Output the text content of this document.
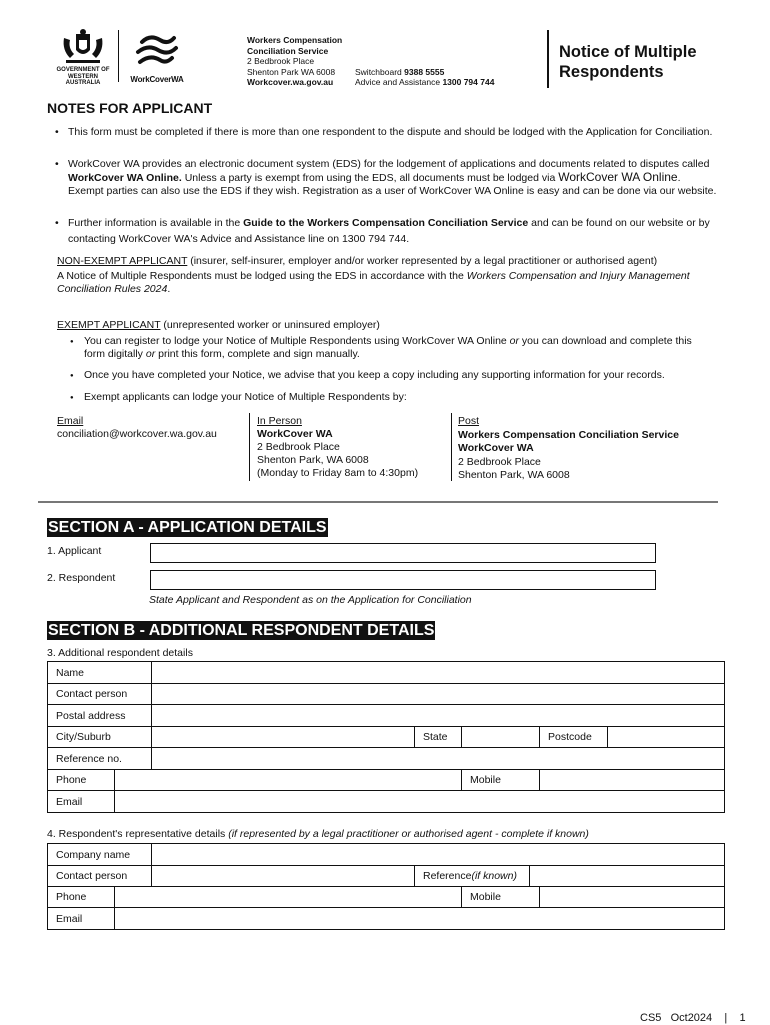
GOVERNMENT OF WESTERN AUSTRALIA	WorkCoverWA
Workers Compensation
Conciliation Service
2 Bedbrook Place
Shenton Park WA 6008 Switchboard 9388 5555
Workcover.wa.gov.au	Advice and Assistance 1300 794 744
Notice of Multiple
Respondents
NOTES FOR APPLICANT
• This form must be completed if there is more than one respondent to the dispute and should be lodged with the Application for Conciliation.
• WorkCover WA provides an electronic document system (EDS) for the lodgement of applications and documents related to disputes called WorkCover WA Online. Unless a party is exempt from using the EDS, all documents must be lodged via WorkCover WA Online. Exempt parties can also use the EDS if they wish. Registration as a user of WorkCover WA Online is easy and can be done via our website.
• Further information is available in the Guide to the Workers Compensation Conciliation Service and can be found on our website or by contacting WorkCover WA's Advice and Assistance line on 1300 794 744.
NON-EXEMPT APPLICANT (insurer, self-insurer, employer and/or worker represented by a legal practitioner or authorised agent)
A Notice of Multiple Respondents must be lodged using the EDS in accordance with the Workers Compensation and Injury Management Conciliation Rules 2024.
EXEMPT APPLICANT (unrepresented worker or uninsured employer)
● You can register to lodge your Notice of Multiple Respondents using WorkCover WA Online or you can download and complete this form digitally or print this form, complete and sign manually.
● Once you have completed your Notice, we advise that you keep a copy including any supporting information for your records.
● Exempt applicants can lodge your Notice of Multiple Respondents by:
Email
conciliation@workcover.wa.gov.au
In Person
WorkCover WA
2 Bedbrook Place
Shenton Park, WA 6008
(Monday to Friday 8am to 4:30pm)
Post
Workers Compensation Conciliation Service
WorkCover WA
2 Bedbrook Place
Shenton Park, WA 6008
SECTION A - APPLICATION DETAILS
1. Applicant
2. Respondent
State Applicant and Respondent as on the Application for Conciliation
SECTION B - ADDITIONAL RESPONDENT DETAILS
3. Additional respondent details
Name
Contact person
Postal address
City/Suburb	State	Postcode
Reference no.
Phone	Mobile
Email
4. Respondent's representative details (if represented by a legal practitioner or authorised agent - complete if known)
Company name
Contact person	Reference (if known)
Phone	Mobile
Email
CS5 Oct2024 | 1
